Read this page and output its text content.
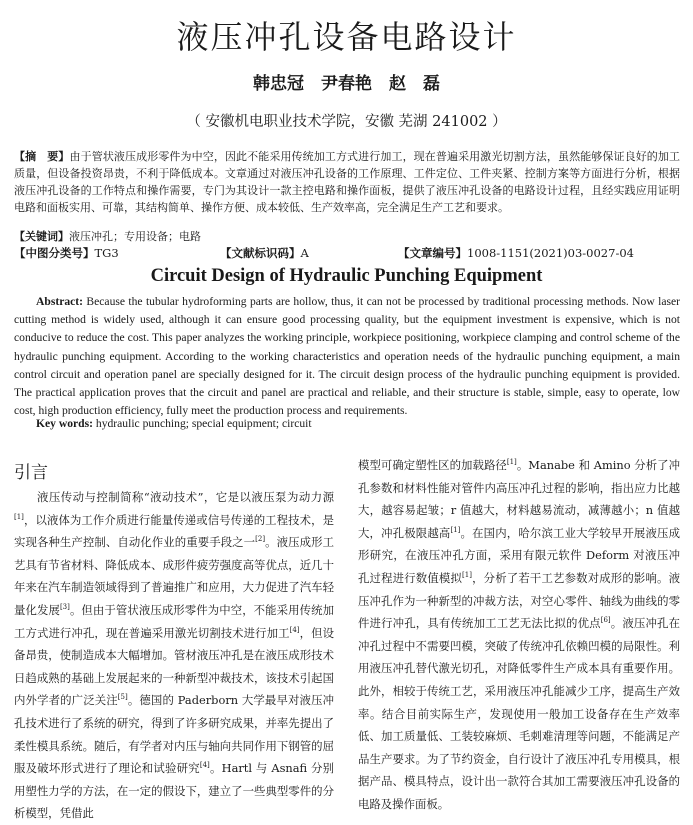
液压冲孔设备电路设计
韩忠冠　尹春艳　赵　磊
（ 安徽机电职业技术学院，安徽 芜湖 241002 ）
【摘　要】由于管状液压成形零件为中空，因此不能采用传统加工方式进行加工，现在普遍采用激光切割方法，虽然能够保证良好的加工质量，但设备投资昂贵，不利于降低成本。文章通过对液压冲孔设备的工作原理、工件定位、工件夹紧、控制方案等方面进行分析，根据液压冲孔设备的工作特点和操作需要，专门为其设计一款主控电路和操作面板，提供了液压冲孔设备的电路设计过程，且经实践应用证明电路和面板实用、可靠，其结构简单、操作方便、成本较低、生产效率高，完全满足生产工艺和要求。
【关键词】液压冲孔；专用设备；电路
【中图分类号】TG3	【文献标识码】A	【文章编号】1008-1151(2021)03-0027-04
Circuit Design of Hydraulic Punching Equipment
Abstract: Because the tubular hydroforming parts are hollow, thus, it can not be processed by traditional processing methods. Now laser cutting method is widely used, although it can ensure good processing quality, but the equipment investment is expensive, which is not conducive to reduce the cost. This paper analyzes the working principle, workpiece positioning, workpiece clamping and control scheme of the hydraulic punching equipment. According to the working characteristics and operation needs of the hydraulic punching equipment, a main control circuit and operation panel are specially designed for it. The circuit design process of the hydraulic punching equipment is provided. The practical application proves that the circuit and panel are practical and reliable, and their structure is stable, simple, easy to operate, low cost, high production efficiency, fully meet the production process and requirements.
Key words: hydraulic punching; special equipment; circuit
引言
液压传动与控制简称“液动技术”，它是以液压泵为动力源[1]，以液体为工作介质进行能量传递或信号传递的工程技术，是实现各种生产控制、自动化作业的重要手段之一[2]。液压成形工艺具有节省材料、降低成本、成形件疲劳强度高等优点，近几十年来在汽车制造领域得到了普遍推广和应用，大力促进了汽车轻量化发展[3]。但由于管状液压成形零件为中空，不能采用传统加工方式进行冲孔，现在普遍采用激光切割技术进行加工[4]，但设备昂贵，使制造成本大幅增加。管材液压冲孔是在液压成形技术日趋成熟的基础上发展起来的一种新型冲裁技术，该技术引起国内外学者的广泛关注[5]。德国的 Paderborn 大学最早对液压冲孔技术进行了系统的研究，得到了许多研究成果，并率先提出了柔性模具系统。随后，有学者对内压与轴向共同作用下钢管的屈服及破坏形式进行了理论和试验研究[4]。Hartl 与 Asnafi 分别用塑性力学的方法，在一定的假设下，建立了一些典型零件的分析模型，凭借此
模型可确定塑性区的加载路径[1]。Manabe 和 Amino 分析了冲孔参数和材料性能对管件内高压冲孔过程的影响，指出应力比越大，越容易起皱；r 值越大，材料越易流动，减薄越小；n 值越大，冲孔极限越高[1]。在国内，哈尔滨工业大学较早开展液压成形研究，在液压冲孔方面，采用有限元软件 Deform 对液压冲孔过程进行数值模拟[1]，分析了若干工艺参数对成形的影响。液压冲孔作为一种新型的冲裁方法，对空心零件、轴线为曲线的零件进行冲孔，具有传统加工工艺无法比拟的优点[6]。液压冲孔在冲孔过程中不需要凹模，突破了传统冲孔依赖凹模的局限性。利用液压冲孔替代激光切孔，对降低零件生产成本具有重要作用。此外，相较于传统工艺，采用液压冲孔能减少工序，提高生产效率。结合目前实际生产，发现使用一般加工设备存在生产效率低、加工质量低、工装较麻烦、毛刺难清理等问题，不能满足产品生产要求。为了节约资金，自行设计了液压冲孔专用模具，根据产品、模具特点，设计出一款符合其加工需要液压冲孔设备的电路及操作面板。
